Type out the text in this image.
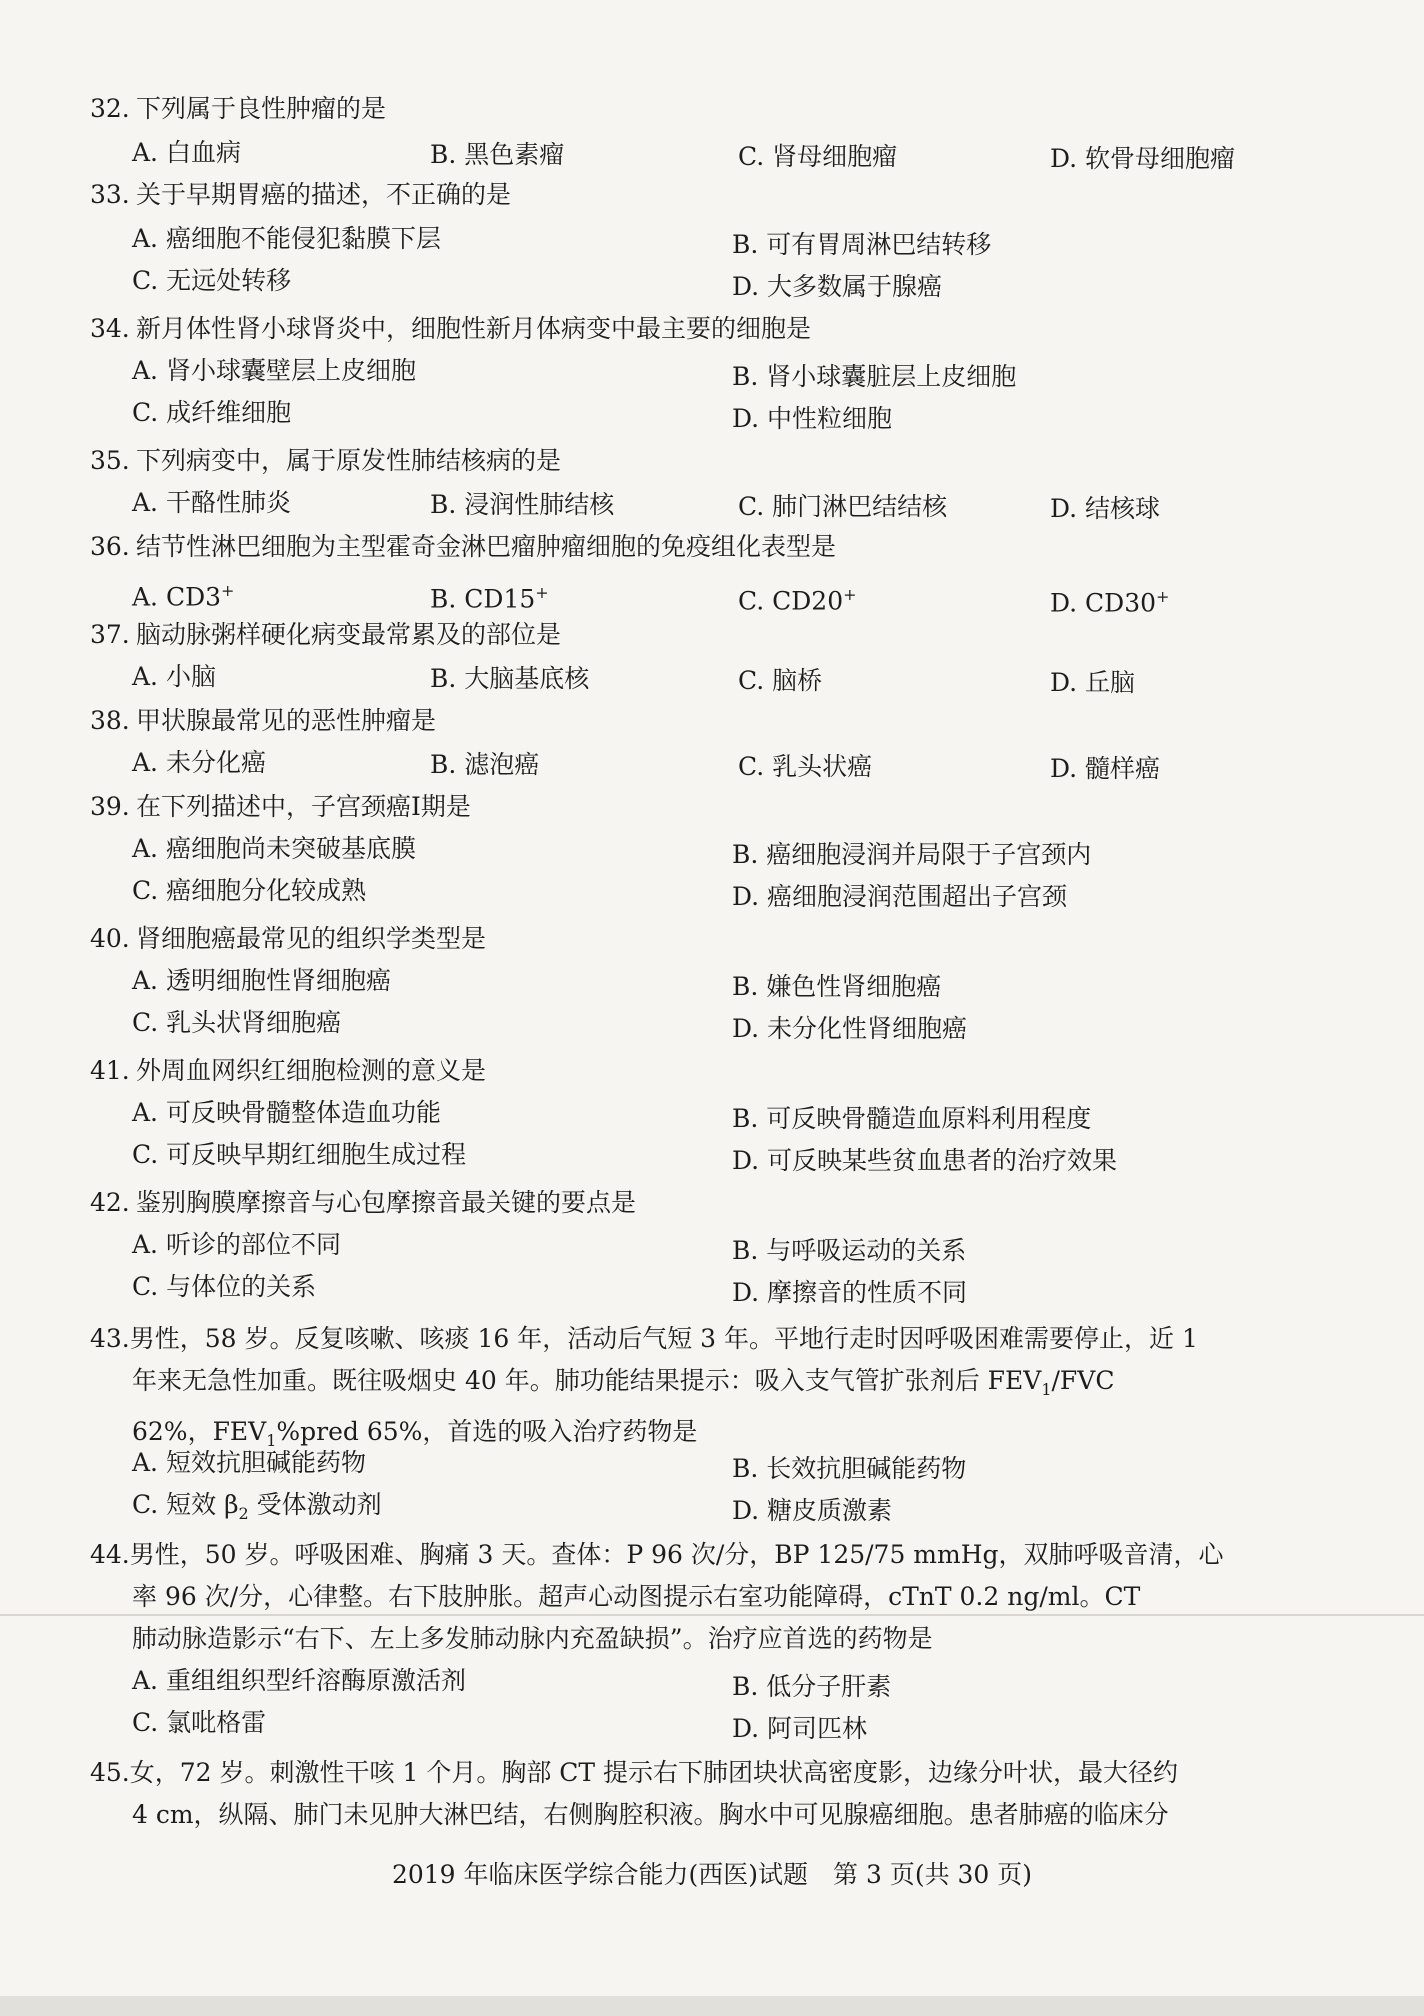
32. 下列属于良性肿瘤的是
A. 白血病	B. 黑色素瘤	C. 肾母细胞瘤	D. 软骨母细胞瘤
33. 关于早期胃癌的描述，不正确的是
A. 癌细胞不能侵犯黏膜下层	B. 可有胃周淋巴结转移
C. 无远处转移	D. 大多数属于腺癌
34. 新月体性肾小球肾炎中，细胞性新月体病变中最主要的细胞是
A. 肾小球囊壁层上皮细胞	B. 肾小球囊脏层上皮细胞
C. 成纤维细胞	D. 中性粒细胞
35. 下列病变中，属于原发性肺结核病的是
A. 干酪性肺炎	B. 浸润性肺结核	C. 肺门淋巴结结核	D. 结核球
36. 结节性淋巴细胞为主型霍奇金淋巴瘤肿瘤细胞的免疫组化表型是
A. CD3+	B. CD15+	C. CD20+	D. CD30+
37. 脑动脉粥样硬化病变最常累及的部位是
A. 小脑	B. 大脑基底核	C. 脑桥	D. 丘脑
38. 甲状腺最常见的恶性肿瘤是
A. 未分化癌	B. 滤泡癌	C. 乳头状癌	D. 髓样癌
39. 在下列描述中，子宫颈癌Ⅰ期是
A. 癌细胞尚未突破基底膜	B. 癌细胞浸润并局限于子宫颈内
C. 癌细胞分化较成熟	D. 癌细胞浸润范围超出子宫颈
40. 肾细胞癌最常见的组织学类型是
A. 透明细胞性肾细胞癌	B. 嫌色性肾细胞癌
C. 乳头状肾细胞癌	D. 未分化性肾细胞癌
41. 外周血网织红细胞检测的意义是
A. 可反映骨髓整体造血功能	B. 可反映骨髓造血原料利用程度
C. 可反映早期红细胞生成过程	D. 可反映某些贫血患者的治疗效果
42. 鉴别胸膜摩擦音与心包摩擦音最关键的要点是
A. 听诊的部位不同	B. 与呼吸运动的关系
C. 与体位的关系	D. 摩擦音的性质不同
43.男性，58 岁。反复咳嗽、咳痰 16 年，活动后气短 3 年。平地行走时因呼吸困难需要停止，近 1
年来无急性加重。既往吸烟史 40 年。肺功能结果提示：吸入支气管扩张剂后 $FEV_1$/FVC
62%，$FEV_1\%pred$ 65%，首选的吸入治疗药物是
A. 短效抗胆碱能药物	B. 长效抗胆碱能药物
C. 短效 $\beta_2$ 受体激动剂	D. 糖皮质激素
44.男性，50 岁。呼吸困难、胸痛 3 天。查体：P 96 次/分，BP 125/75 mmHg，双肺呼吸音清，心
率 96 次/分，心律整。右下肢肿胀。超声心动图提示右室功能障碍，cTnT 0.2 ng/ml。CT
肺动脉造影示“右下、左上多发肺动脉内充盈缺损”。治疗应首选的药物是
A. 重组组织型纤溶酶原激活剂	B. 低分子肝素
C. 氯吡格雷	D. 阿司匹林
45.女，72 岁。刺激性干咳 1 个月。胸部 CT 提示右下肺团块状高密度影，边缘分叶状，最大径约
4 cm，纵隔、肺门未见肿大淋巴结，右侧胸腔积液。胸水中可见腺癌细胞。患者肺癌的临床分
2019 年临床医学综合能力(西医)试题　第 3 页(共 30 页)
